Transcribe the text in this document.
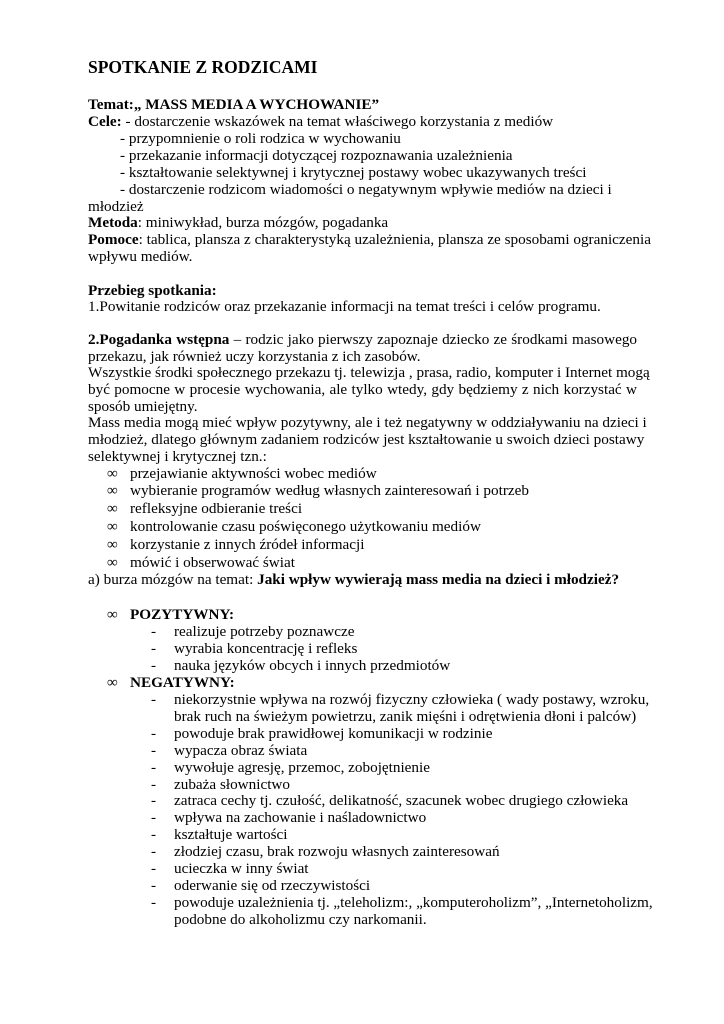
SPOTKANIE Z RODZICAMI
Temat:„ MASS MEDIA A WYCHOWANIE”
Cele: - dostarczenie wskazówek na temat właściwego korzystania z mediów
- przypomnienie o roli rodzica w wychowaniu
- przekazanie informacji dotyczącej rozpoznawania uzależnienia
- kształtowanie selektywnej i krytycznej postawy wobec ukazywanych treści
- dostarczenie rodzicom wiadomości o negatywnym wpływie mediów na dzieci i
młodzież
Metoda: miniwykład, burza mózgów, pogadanka
Pomoce: tablica, plansza z charakterystyką uzależnienia, plansza ze sposobami ograniczenia
wpływu mediów.
Przebieg spotkania:
1.Powitanie rodziców oraz przekazanie informacji na temat treści i celów programu.
2.Pogadanka wstępna – rodzic jako pierwszy zapoznaje dziecko ze środkami masowego
przekazu, jak również uczy korzystania z ich zasobów.
Wszystkie środki społecznego przekazu tj. telewizja , prasa, radio, komputer i Internet mogą
być pomocne w procesie wychowania, ale tylko wtedy, gdy będziemy z nich korzystać w
sposób umiejętny.
Mass media mogą mieć wpływ pozytywny, ale i też negatywny w oddziaływaniu na dzieci i
młodzież, dlatego głównym zadaniem rodziców jest kształtowanie u swoich dzieci postawy
selektywnej i krytycznej tzn.:
∞ przejawianie aktywności wobec mediów
∞ wybieranie programów według własnych zainteresowań i potrzeb
∞ refleksyjne odbieranie treści
∞ kontrolowanie czasu poświęconego użytkowaniu mediów
∞ korzystanie z innych źródeł informacji
∞ mówić i obserwować świat
a) burza mózgów na temat: Jaki wpływ wywierają mass media na dzieci i młodzież?
∞ POZYTYWNY:
- realizuje potrzeby poznawcze
- wyrabia koncentrację i refleks
- nauka języków obcych i innych przedmiotów
∞ NEGATYWNY:
- niekorzystnie wpływa na rozwój fizyczny człowieka ( wady postawy, wzroku,
brak ruch na świeżym powietrzu, zanik mięśni i odrętwienia dłoni i palców)
- powoduje brak prawidłowej komunikacji w rodzinie
- wypacza obraz świata
- wywołuje agresję, przemoc, zobojętnienie
- zubaża słownictwo
- zatraca cechy tj. czułość, delikatność, szacunek wobec drugiego człowieka
- wpływa na zachowanie i naśladownictwo
- kształtuje wartości
- złodziej czasu, brak rozwoju własnych zainteresowań
- ucieczka w inny świat
- oderwanie się od rzeczywistości
- powoduje uzależnienia tj. „teleholizm:, „komputeroholizm”, „Internetoholizm,
podobne do alkoholizmu czy narkomanii.
